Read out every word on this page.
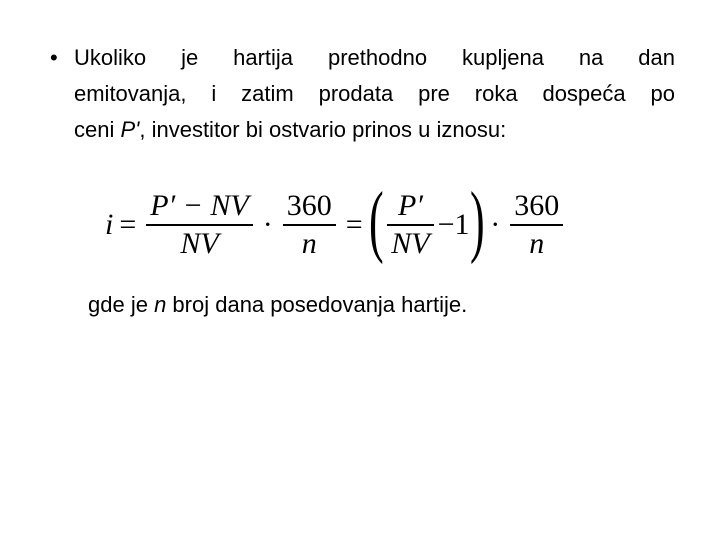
• Ukoliko je hartija prethodno kupljena na dan
emitovanja, i zatim prodata pre roka dospeća po
ceni P', investitor bi ostvario prinos u iznosu:
$i = \frac{P' - NV}{NV} \cdot \frac{360}{n}$ = ( $\frac{P'}{NV} -1$ ) · $\frac{360}{n}$
gde je n broj dana posedovanja hartije.
